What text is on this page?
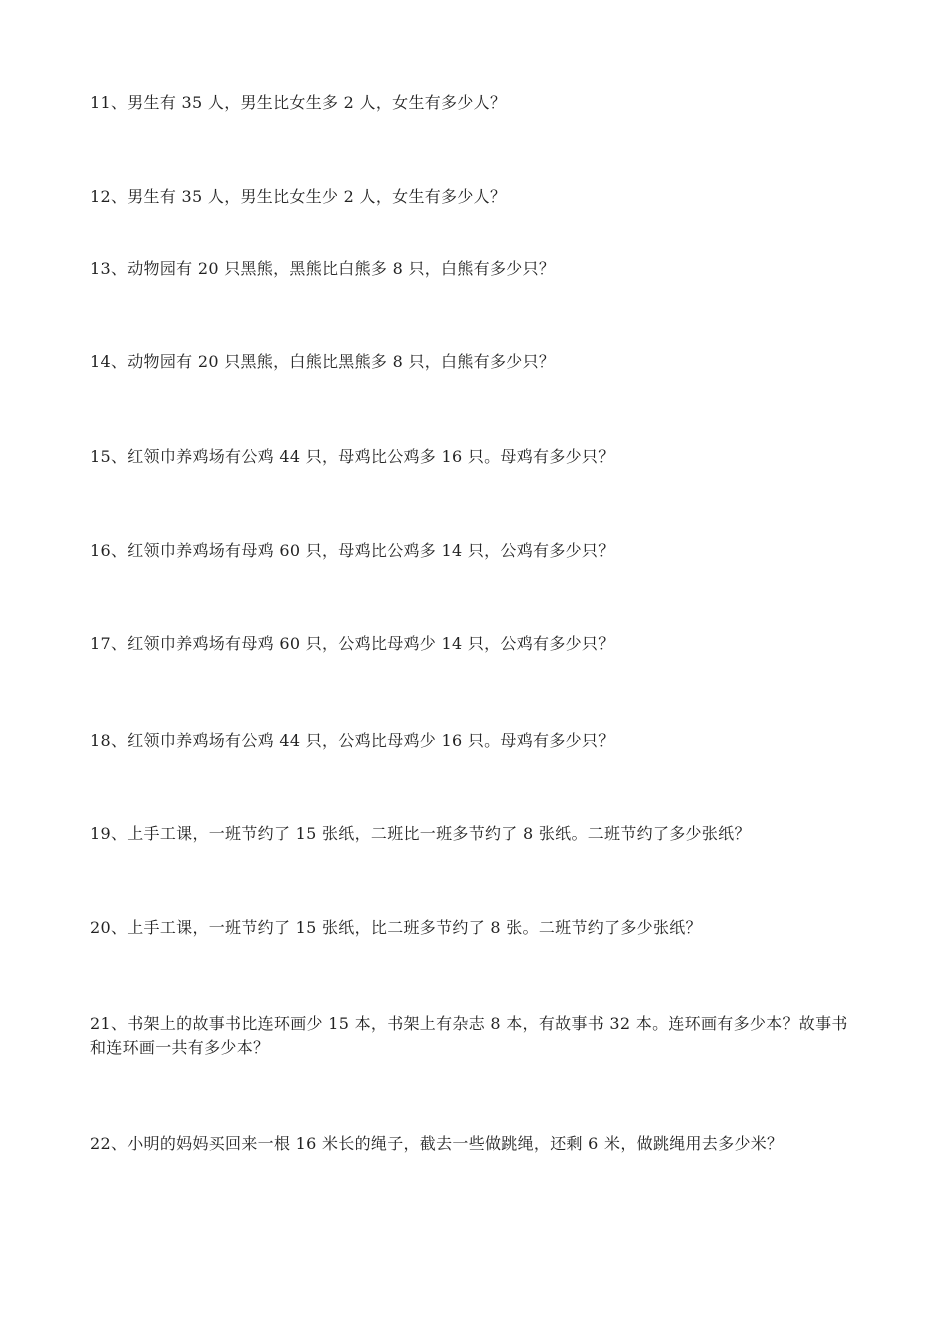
11、男生有 35 人，男生比女生多 2 人，女生有多少人？
12、男生有 35 人，男生比女生少 2 人，女生有多少人？
13、动物园有 20 只黑熊，黑熊比白熊多 8 只，白熊有多少只？
14、动物园有 20 只黑熊，白熊比黑熊多 8 只，白熊有多少只？
15、红领巾养鸡场有公鸡 44 只，母鸡比公鸡多 16 只。母鸡有多少只？
16、红领巾养鸡场有母鸡 60 只，母鸡比公鸡多 14 只，公鸡有多少只？
17、红领巾养鸡场有母鸡 60 只，公鸡比母鸡少 14 只，公鸡有多少只？
18、红领巾养鸡场有公鸡 44 只，公鸡比母鸡少 16 只。母鸡有多少只？
19、上手工课，一班节约了 15 张纸，二班比一班多节约了 8 张纸。二班节约了多少张纸？
20、上手工课，一班节约了 15 张纸，比二班多节约了 8 张。二班节约了多少张纸？
21、书架上的故事书比连环画少 15 本，书架上有杂志 8 本，有故事书 32 本。连环画有多少本？故事书和连环画一共有多少本？
22、小明的妈妈买回来一根 16 米长的绳子，截去一些做跳绳，还剩 6 米，做跳绳用去多少米？
